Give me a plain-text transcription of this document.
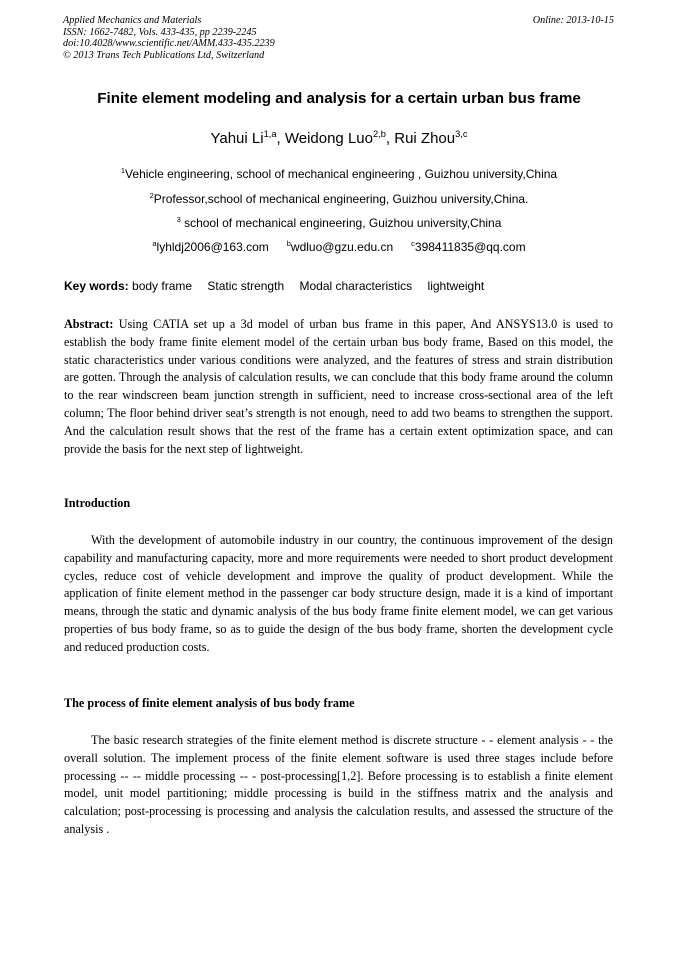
Applied Mechanics and Materials
ISSN: 1662-7482, Vols. 433-435, pp 2239-2245
doi:10.4028/www.scientific.net/AMM.433-435.2239
© 2013 Trans Tech Publications Ltd, Switzerland
Online: 2013-10-15
Finite element modeling and analysis for a certain urban bus frame
Yahui Li$^{1,a}$, Weidong Luo$^{2,b}$, Rui Zhou$^{3,c}$
$^1$Vehicle engineering, school of mechanical engineering , Guizhou university,China
$^2$Professor,school of mechanical engineering, Guizhou university,China.
$^3$ school of mechanical engineering, Guizhou university,China
$^a$lyhldj2006@163.com $^b$wdluo@gzu.edu.cn $^c$398411835@qq.com
Key words: body frame Static strength Modal characteristics lightweight
Abstract: Using CATIA set up a 3d model of urban bus frame in this paper, And ANSYS13.0 is used to establish the body frame finite element model of the certain urban bus body frame, Based on this model, the static characteristics under various conditions were analyzed, and the features of stress and strain distribution are gotten. Through the analysis of calculation results, we can conclude that this body frame around the column to the rear windscreen beam junction strength in sufficient, need to increase cross-sectional area of the left column; The floor behind driver seat’s strength is not enough, need to add two beams to strengthen the support. And the calculation result shows that the rest of the frame has a certain extent optimization space, and can provide the basis for the next step of lightweight.
Introduction
With the development of automobile industry in our country, the continuous improvement of the design capability and manufacturing capacity, more and more requirements were needed to short product development cycles, reduce cost of vehicle development and improve the quality of product development. While the application of finite element method in the passenger car body structure design, made it is a kind of important means, through the static and dynamic analysis of the bus body frame finite element model, we can get various properties of bus body frame, so as to guide the design of the bus body frame, shorten the development cycle and reduced production costs.
The process of finite element analysis of bus body frame
The basic research strategies of the finite element method is discrete structure - - element analysis - - the overall solution. The implement process of the finite element software is used three stages include before processing -- -- middle processing -- - post-processing[1,2]. Before processing is to establish a finite element model, unit model partitioning; middle processing is build in the stiffness matrix and the analysis and calculation; post-processing is processing and analysis the calculation results, and assessed the structure of the analysis .
